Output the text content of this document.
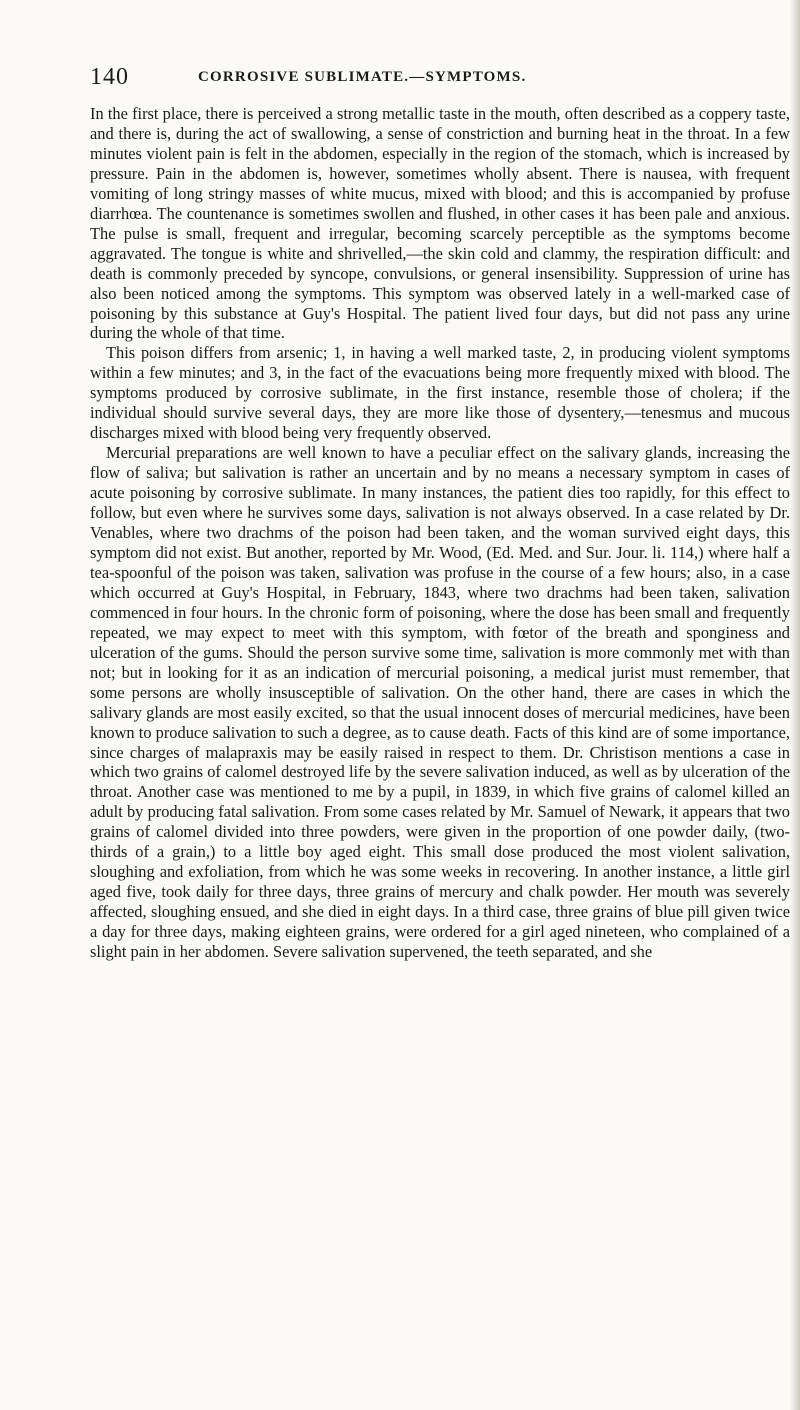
140	CORROSIVE SUBLIMATE.—SYMPTOMS.

In the first place, there is perceived a strong metallic taste in the mouth, often described as a coppery taste, and there is, during the act of swallowing, a sense of constriction and burning heat in the throat. In a few minutes violent pain is felt in the abdomen, especially in the region of the stomach, which is increased by pressure. Pain in the abdomen is, however, sometimes wholly absent. There is nausea, with frequent vomiting of long stringy masses of white mucus, mixed with blood; and this is accompanied by profuse diarrhœa. The countenance is sometimes swollen and flushed, in other cases it has been pale and anxious. The pulse is small, frequent and irregular, becoming scarcely perceptible as the symptoms become aggravated. The tongue is white and shrivelled,—the skin cold and clammy, the respiration difficult: and death is commonly preceded by syncope, convulsions, or general insensibility. Suppression of urine has also been noticed among the symptoms. This symptom was observed lately in a well-marked case of poisoning by this substance at Guy's Hospital. The patient lived four days, but did not pass any urine during the whole of that time.

This poison differs from arsenic; 1, in having a well marked taste, 2, in producing violent symptoms within a few minutes; and 3, in the fact of the evacuations being more frequently mixed with blood. The symptoms produced by corrosive sublimate, in the first instance, resemble those of cholera; if the individual should survive several days, they are more like those of dysentery,—tenesmus and mucous discharges mixed with blood being very frequently observed.

Mercurial preparations are well known to have a peculiar effect on the salivary glands, increasing the flow of saliva; but salivation is rather an uncertain and by no means a necessary symptom in cases of acute poisoning by corrosive sublimate. In many instances, the patient dies too rapidly, for this effect to follow, but even where he survives some days, salivation is not always observed. In a case related by Dr. Venables, where two drachms of the poison had been taken, and the woman survived eight days, this symptom did not exist. But another, reported by Mr. Wood, (Ed. Med. and Sur. Jour. li. 114,) where half a tea-spoonful of the poison was taken, salivation was profuse in the course of a few hours; also, in a case which occurred at Guy's Hospital, in February, 1843, where two drachms had been taken, salivation commenced in four hours. In the chronic form of poisoning, where the dose has been small and frequently repeated, we may expect to meet with this symptom, with fœtor of the breath and sponginess and ulceration of the gums. Should the person survive some time, salivation is more commonly met with than not; but in looking for it as an indication of mercurial poisoning, a medical jurist must remember, that some persons are wholly insusceptible of salivation. On the other hand, there are cases in which the salivary glands are most easily excited, so that the usual innocent doses of mercurial medicines, have been known to produce salivation to such a degree, as to cause death. Facts of this kind are of some importance, since charges of malapraxis may be easily raised in respect to them. Dr. Christison mentions a case in which two grains of calomel destroyed life by the severe salivation induced, as well as by ulceration of the throat. Another case was mentioned to me by a pupil, in 1839, in which five grains of calomel killed an adult by producing fatal salivation. From some cases related by Mr. Samuel of Newark, it appears that two grains of calomel divided into three powders, were given in the proportion of one powder daily, (two-thirds of a grain,) to a little boy aged eight. This small dose produced the most violent salivation, sloughing and exfoliation, from which he was some weeks in recovering. In another instance, a little girl aged five, took daily for three days, three grains of mercury and chalk powder. Her mouth was severely affected, sloughing ensued, and she died in eight days. In a third case, three grains of blue pill given twice a day for three days, making eighteen grains, were ordered for a girl aged nineteen, who complained of a slight pain in her abdomen. Severe salivation supervened, the teeth separated, and she
